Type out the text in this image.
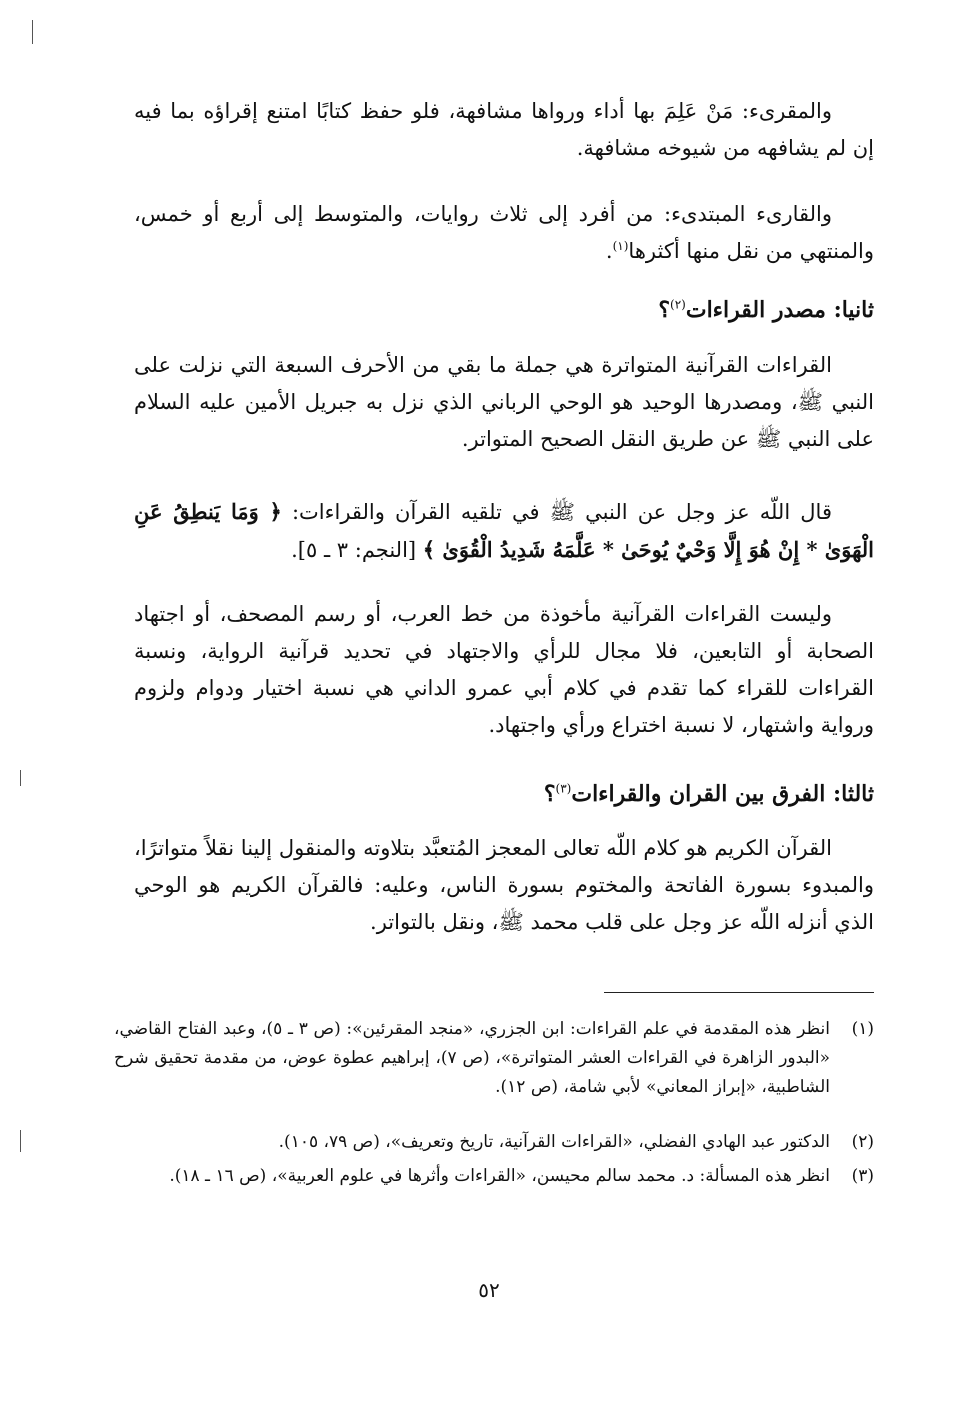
والمقرىء: مَنْ عَلِمَ بها أداء ورواها مشافهة، فلو حفظ كتابًا امتنع إقراؤه بما فيه إن لم يشافهه من شيوخه مشافهة.

والقارىء المبتدىء: من أفرد إلى ثلاث روايات، والمتوسط إلى أربع أو خمس، والمنتهي من نقل منها أكثرها$^{(١)}$.

ثانيا: مصدر القراءات$^{(٢)}$؟

القراءات القرآنية المتواترة هي جملة ما بقي من الأحرف السبعة التي نزلت على النبي ﷺ، ومصدرها الوحيد هو الوحي الرباني الذي نزل به جبريل الأمين عليه السلام على النبي ﷺ عن طريق النقل الصحيح المتواتر.

قال اللّه عز وجل عن النبي ﷺ في تلقيه القرآن والقراءات: ﴿ وَمَا يَنطِقُ عَنِ الْهَوَىٰ * إِنْ هُوَ إِلَّا وَحْيٌ يُوحَىٰ * عَلَّمَهُ شَدِيدُ الْقُوَىٰ ﴾ [النجم: ٣ ـ ٥].

وليست القراءات القرآنية مأخوذة من خط العرب، أو رسم المصحف، أو اجتهاد الصحابة أو التابعين، فلا مجال للرأي والاجتهاد في تحديد قرآنية الرواية، ونسبة القراءات للقراء كما تقدم في كلام أبي عمرو الداني هي نسبة اختيار ودوام ولزوم ورواية واشتهار، لا نسبة اختراع ورأي واجتهاد.

ثالثا: الفرق بين القران والقراءات$^{(٣)}$؟

القرآن الكريم هو كلام اللّه تعالى المعجز المُتعبَّد بتلاوته والمنقول إلينا نقلاً متواترًا، والمبدوء بسورة الفاتحة والمختوم بسورة الناس، وعليه: فالقرآن الكريم هو الوحي الذي أنزله اللّه عز وجل على قلب محمد ﷺ، ونقل بالتواتر.

(١)
انظر هذه المقدمة في علم القراءات: ابن الجزري، «منجد المقرئين»: (ص ٣ ـ ٥)، وعبد الفتاح القاضي، «البدور الزاهرة في القراءات العشر المتواترة»، (ص ٧)، إبراهيم عطوة عوض، من مقدمة تحقيق شرح الشاطبية، «إبراز المعاني» لأبي شامة، (ص ١٢).
(٢)
الدكتور عبد الهادي الفضلي، «القراءات القرآنية، تاريخ وتعريف»، (ص ٧٩، ١٠٥).
(٣)
انظر هذه المسألة: د. محمد سالم محيسن، «القراءات وأثرها في علوم العربية»، (ص ١٦ ـ ١٨).
٥٢
